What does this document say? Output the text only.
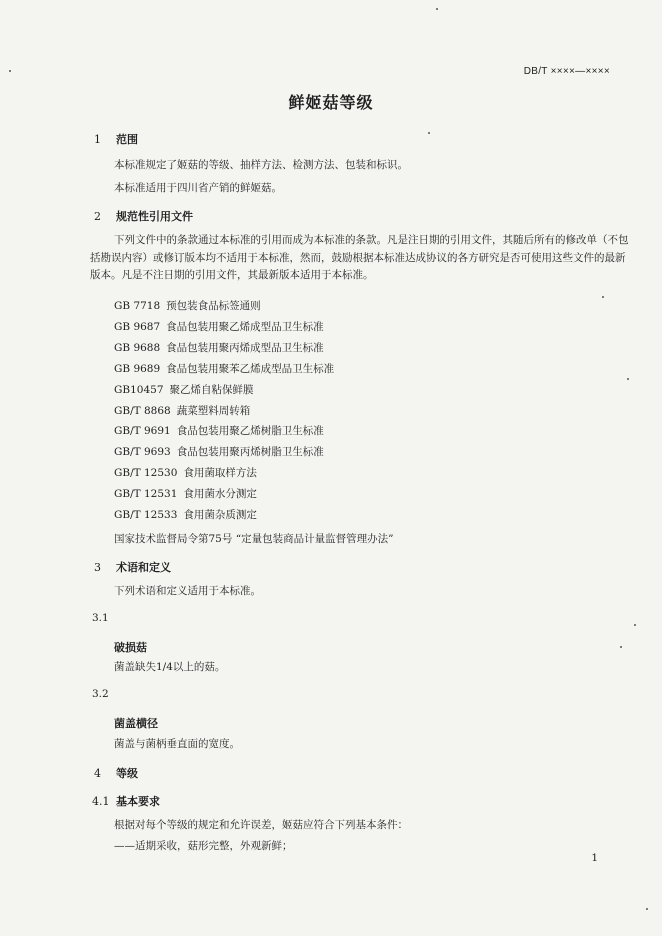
DB/T ××××—××××
鲜姬菇等级
1 范围
本标准规定了姬菇的等级、抽样方法、检测方法、包装和标识。
本标准适用于四川省产销的鲜姬菇。
2 规范性引用文件
下列文件中的条款通过本标准的引用而成为本标准的条款。凡是注日期的引用文件，其随后所有的修改单（不包括勘误内容）或修订版本均不适用于本标准，然而，鼓励根据本标准达成协议的各方研究是否可使用这些文件的最新版本。凡是不注日期的引用文件，其最新版本适用于本标准。
GB 7718 预包装食品标签通则
GB 9687 食品包装用聚乙烯成型品卫生标准
GB 9688 食品包装用聚丙烯成型品卫生标准
GB 9689 食品包装用聚苯乙烯成型品卫生标准
GB10457 聚乙烯自粘保鲜膜
GB/T 8868 蔬菜塑料周转箱
GB/T 9691 食品包装用聚乙烯树脂卫生标准
GB/T 9693 食品包装用聚丙烯树脂卫生标准
GB/T 12530 食用菌取样方法
GB/T 12531 食用菌水分测定
GB/T 12533 食用菌杂质测定
国家技术监督局令第75号 “定量包装商品计量监督管理办法”
3 术语和定义
下列术语和定义适用于本标准。
3.1
破损菇
菌盖缺失1/4以上的菇。
3.2
菌盖横径
菌盖与菌柄垂直面的宽度。
4 等级
4.1 基本要求
根据对每个等级的规定和允许误差，姬菇应符合下列基本条件：
——适期采收，菇形完整，外观新鲜；
1
